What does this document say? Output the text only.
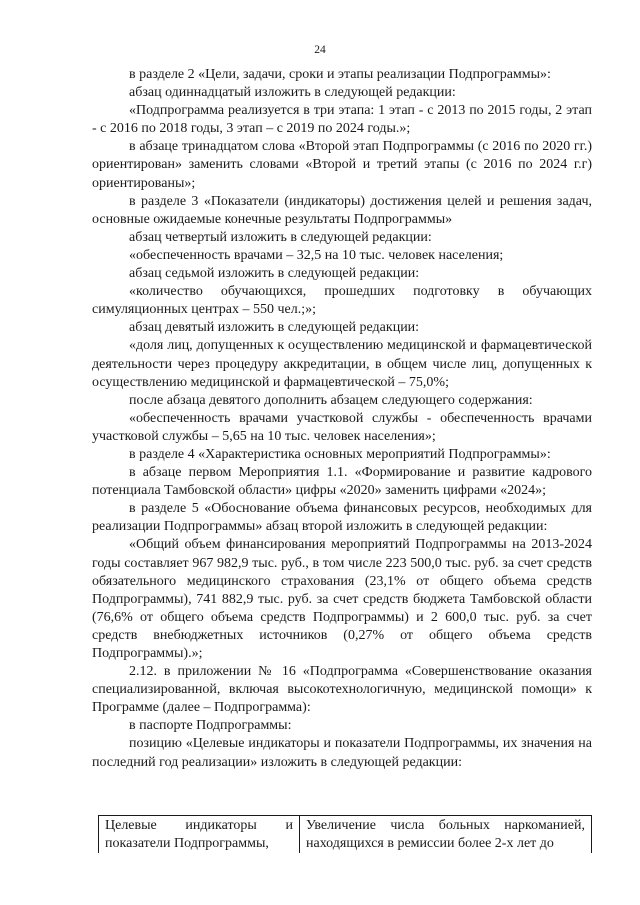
24

в разделе 2 «Цели, задачи, сроки и этапы реализации Подпрограммы»:

абзац одиннадцатый изложить в следующей редакции:

«Подпрограмма реализуется в три этапа: 1 этап - с 2013 по 2015 годы, 2 этап - с 2016 по 2018 годы, 3 этап – с 2019 по 2024 годы.»;

в абзаце тринадцатом слова «Второй этап Подпрограммы (с 2016 по 2020 гг.) ориентирован» заменить словами «Второй и третий этапы (с 2016 по 2024 г.г) ориентированы»;

в разделе 3 «Показатели (индикаторы) достижения целей и решения задач, основные ожидаемые конечные результаты Подпрограммы»

абзац четвертый изложить в следующей редакции:

«обеспеченность врачами – 32,5 на 10 тыс. человек населения;

абзац седьмой изложить в следующей редакции:

«количество обучающихся, прошедших подготовку в обучающих симуляционных центрах – 550 чел.;»;

абзац девятый изложить в следующей редакции:

«доля лиц, допущенных к осуществлению медицинской и фармацевтической деятельности через процедуру аккредитации, в общем числе лиц, допущенных к осуществлению медицинской и фармацевтической – 75,0%;

после абзаца девятого дополнить абзацем следующего содержания:

«обеспеченность врачами участковой службы - обеспеченность врачами участковой службы – 5,65 на 10 тыс. человек населения»;

в разделе 4 «Характеристика основных мероприятий Подпрограммы»:

в абзаце первом Мероприятия 1.1. «Формирование и развитие кадрового потенциала Тамбовской области» цифры «2020» заменить цифрами «2024»;

в разделе 5 «Обоснование объема финансовых ресурсов, необходимых для реализации Подпрограммы» абзац второй изложить в следующей редакции:

«Общий объем финансирования мероприятий Подпрограммы на 2013-2024 годы составляет 967 982,9 тыс. руб., в том числе 223 500,0 тыс. руб. за счет средств обязательного медицинского страхования (23,1% от общего объема средств Подпрограммы), 741 882,9 тыс. руб. за счет средств бюджета Тамбовской области (76,6% от общего объема средств Подпрограммы) и 2 600,0 тыс. руб. за счет средств внебюджетных источников (0,27% от общего объема средств Подпрограммы).»;

2.12. в приложении № 16 «Подпрограмма «Совершенствование оказания специализированной, включая высокотехнологичную, медицинской помощи» к Программе (далее – Подпрограмма):

в паспорте Подпрограммы:

позицию «Целевые индикаторы и показатели Подпрограммы, их значения на последний год реализации» изложить в следующей редакции:

Целевые индикаторы и показатели Подпрограммы,	Увеличение числа больных наркоманией, находящихся в ремиссии более 2-х лет до
